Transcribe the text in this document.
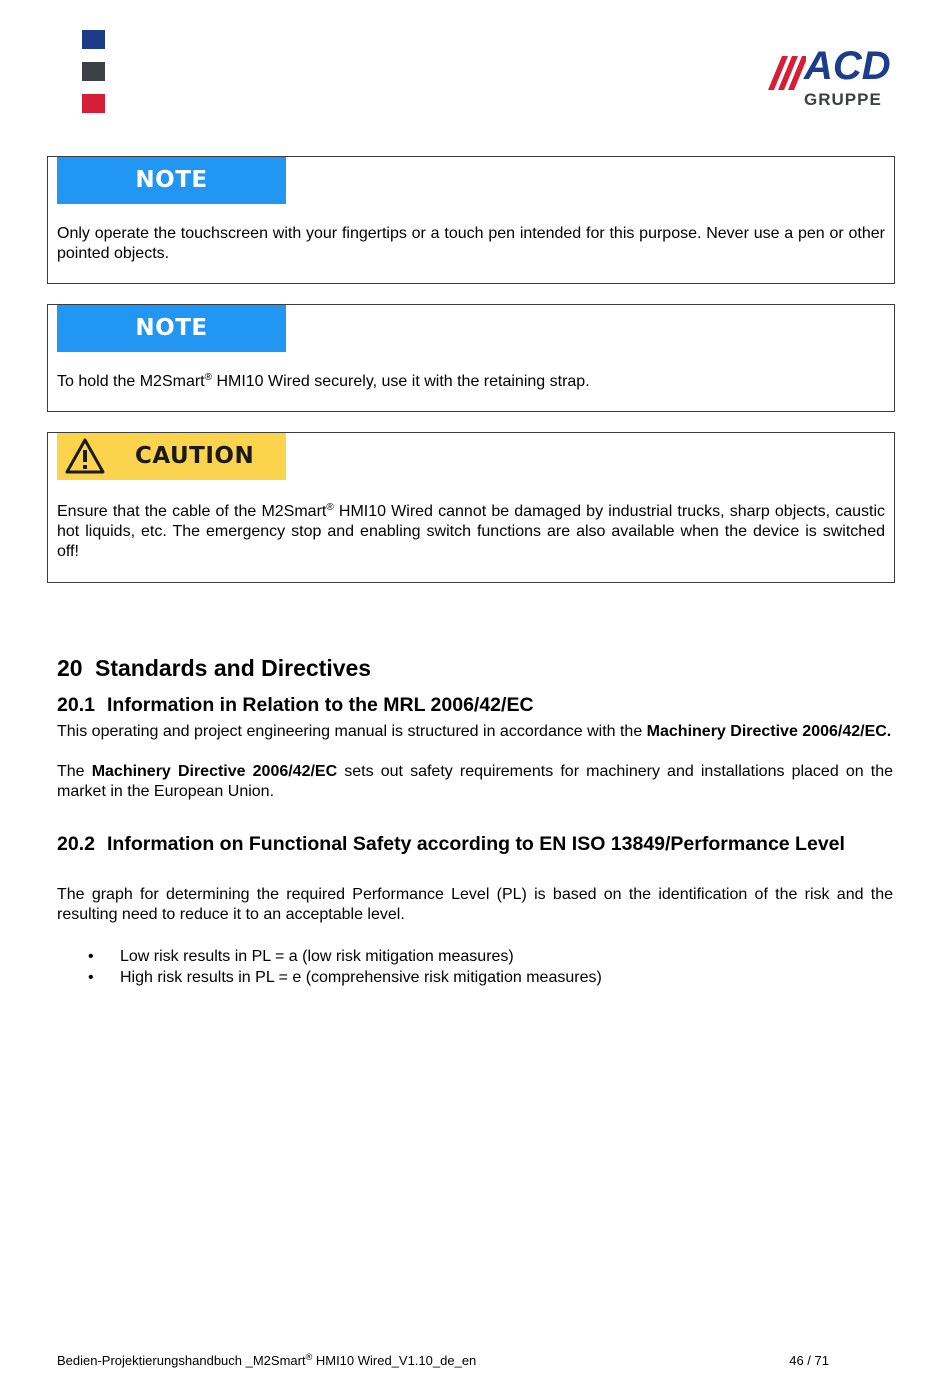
ACD
GRUPPE
NOTE
Only operate the touchscreen with your fingertips or a touch pen intended for this purpose. Never use a pen or other pointed objects.
NOTE
To hold the M2Smart® HMI10 Wired securely, use it with the retaining strap.
CAUTION
Ensure that the cable of the M2Smart® HMI10 Wired cannot be damaged by industrial trucks, sharp objects, caustic hot liquids, etc. The emergency stop and enabling switch functions are also available when the device is switched off!
20 Standards and Directives
20.1 Information in Relation to the MRL 2006/42/EC
This operating and project engineering manual is structured in accordance with the Machinery Directive 2006/42/EC.
The Machinery Directive 2006/42/EC sets out safety requirements for machinery and installations placed on the market in the European Union.
20.2 Information on Functional Safety according to EN ISO 13849/Performance Level
The graph for determining the required Performance Level (PL) is based on the identification of the risk and the resulting need to reduce it to an acceptable level.
• Low risk results in PL = a (low risk mitigation measures)
• High risk results in PL = e (comprehensive risk mitigation measures)
Bedien-Projektierungshandbuch _M2Smart® HMI10 Wired_V1.10_de_en	46 / 71
